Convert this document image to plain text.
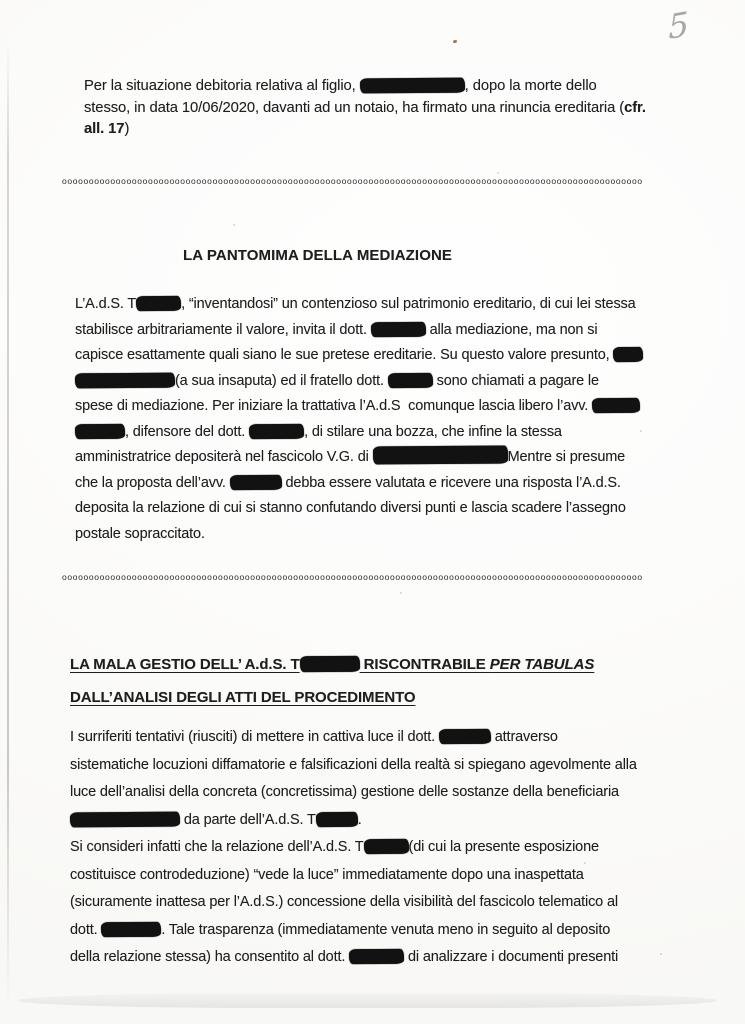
5
Per la situazione debitoria relativa al figlio,	, dopo la morte dello
stesso, in data 10/06/2020, davanti ad un notaio, ha firmato una rinuncia ereditaria (cfr.
all. 17)
oooooooooooooooooooooooooooooooooooooooooooooooooooooooooooooooooooooooooooooooooooooooooooooooooooooooooooo
LA PANTOMIMA DELLA MEDIAZIONE
L’A.d.S. T	, “inventandosi” un contenzioso sul patrimonio ereditario, di cui lei stessa
stabilisce arbitrariamente il valore, invita il dott.	alla mediazione, ma non si
capisce esattamente quali siano le sue pretese ereditarie. Su questo valore presunto,
(a sua insaputa) ed il fratello dott.	sono chiamati a pagare le
spese di mediazione. Per iniziare la trattativa l’A.d.S  comunque lascia libero l’avv.
, difensore del dott.	, di stilare una bozza, che infine la stessa
amministratrice depositerà nel fascicolo V.G. di	Mentre si presume
che la proposta dell’avv.	debba essere valutata e ricevere una risposta l’A.d.S.
deposita la relazione di cui si stanno confutando diversi punti e lascia scadere l’assegno
postale sopraccitato.
oooooooooooooooooooooooooooooooooooooooooooooooooooooooooooooooooooooooooooooooooooooooooooooooooooooooooooo
LA MALA GESTIO DELL’ A.d.S. T	RISCONTRABILE PER TABULAS
DALL’ANALISI DEGLI ATTI DEL PROCEDIMENTO
I surriferiti tentativi (riusciti) di mettere in cattiva luce il dott.	attraverso
sistematiche locuzioni diffamatorie e falsificazioni della realtà si spiegano agevolmente alla
luce dell’analisi della concreta (concretissima) gestione delle sostanze della beneficiaria
da parte dell’A.d.S. T	.
Si consideri infatti che la relazione dell’A.d.S. T	(di cui la presente esposizione
costituisce controdeduzione) “vede la luce” immediatamente dopo una inaspettata
(sicuramente inattesa per l’A.d.S.) concessione della visibilità del fascicolo telematico al
dott.	. Tale trasparenza (immediatamente venuta meno in seguito al deposito
della relazione stessa) ha consentito al dott.	di analizzare i documenti presenti
